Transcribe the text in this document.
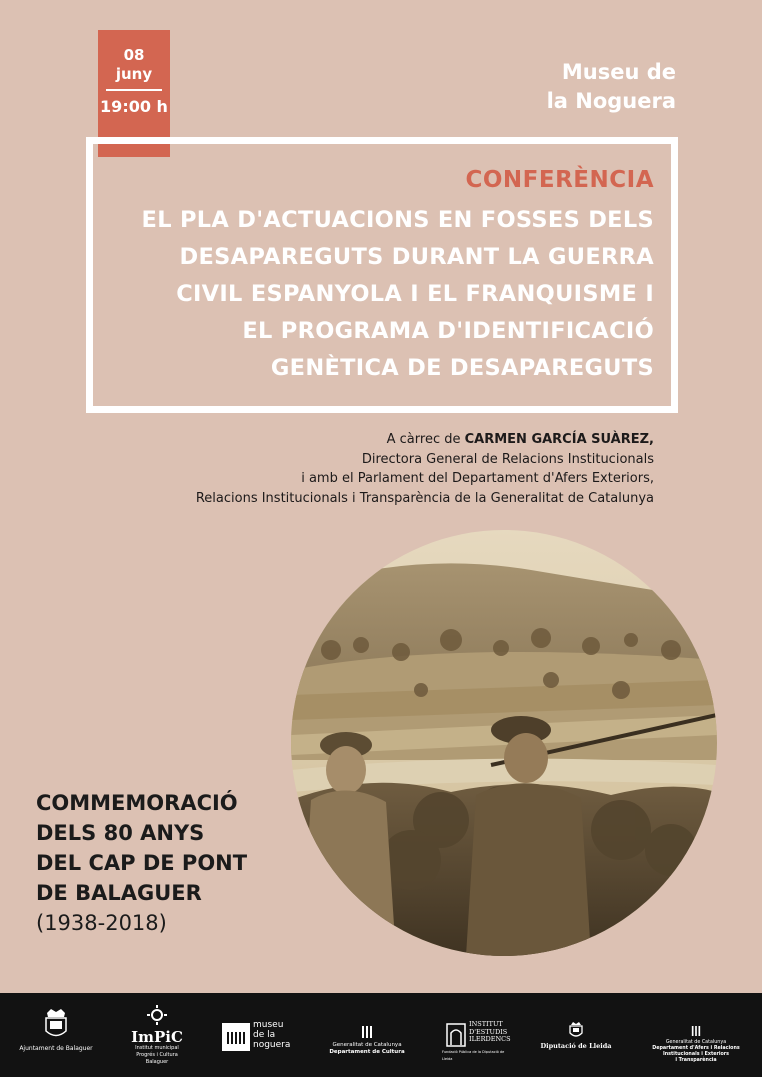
08
juny
19:00 h
Museu de
la Noguera
CONFERÈNCIA
EL PLA D'ACTUACIONS EN FOSSES DELS
DESAPAREGUTS DURANT LA GUERRA
CIVIL ESPANYOLA I EL FRANQUISME I
EL PROGRAMA D'IDENTIFICACIÓ
GENÈTICA DE DESAPAREGUTS
A càrrec de CARMEN GARCÍA SUÀREZ,
Directora General de Relacions Institucionals
i amb el Parlament del Departament d'Afers Exteriors,
Relacions Institucionals i Transparència de la Generalitat de Catalunya
COMMEMORACIÓ
DELS 80 ANYS
DEL CAP DE PONT
DE BALAGUER
(1938-2018)
Ajuntament de Balaguer
ImPiC
Institut municipal Progrés i Cultura Balaguer
museu
de la
noguera	Generalitat de Catalunya
Departament de Cultura
INSTITUT
D'ESTUDIS
ILERDENCS
Fundació Pública de la Diputació de Lleida
Diputació de Lleida	Generalitat de Catalunya
Departament d'Afers i Relacions
Institucionals i Exteriors
i Transparència
